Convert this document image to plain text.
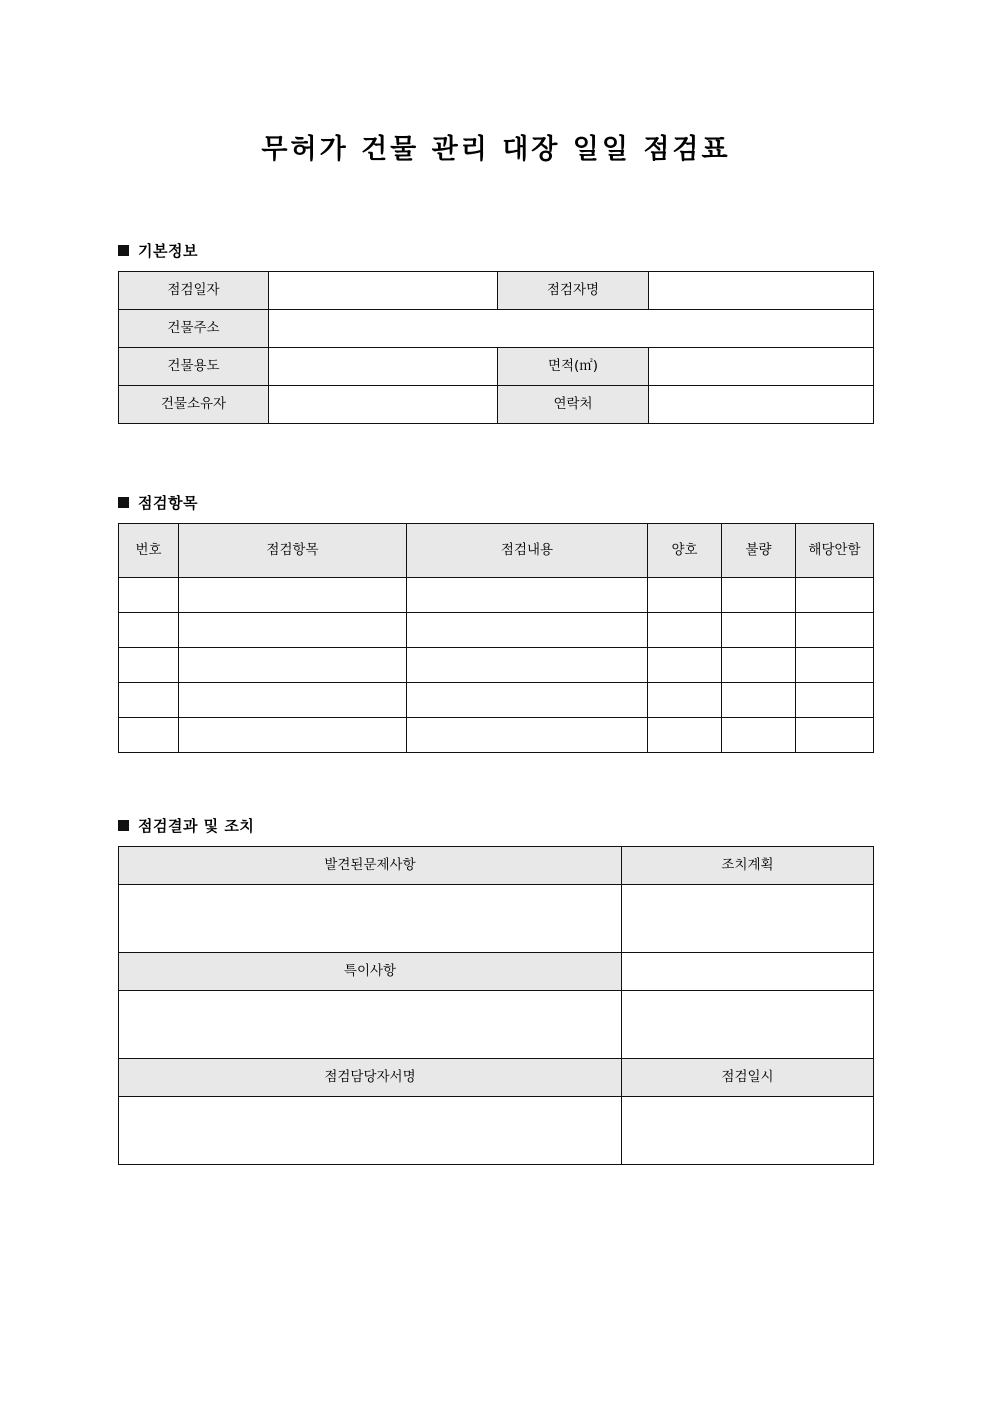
무허가 건물 관리 대장 일일 점검표
기본정보
점검일자		점검자명	
건물주소			
건물용도		면적(㎡)	
건물소유자		연락처	
점검항목
번호	점검항목	점검내용	양호	불량	해당안함

점검결과 및 조치
발견된문제사항	조치계획

특이사항	

점검담당자서명	점검일시
